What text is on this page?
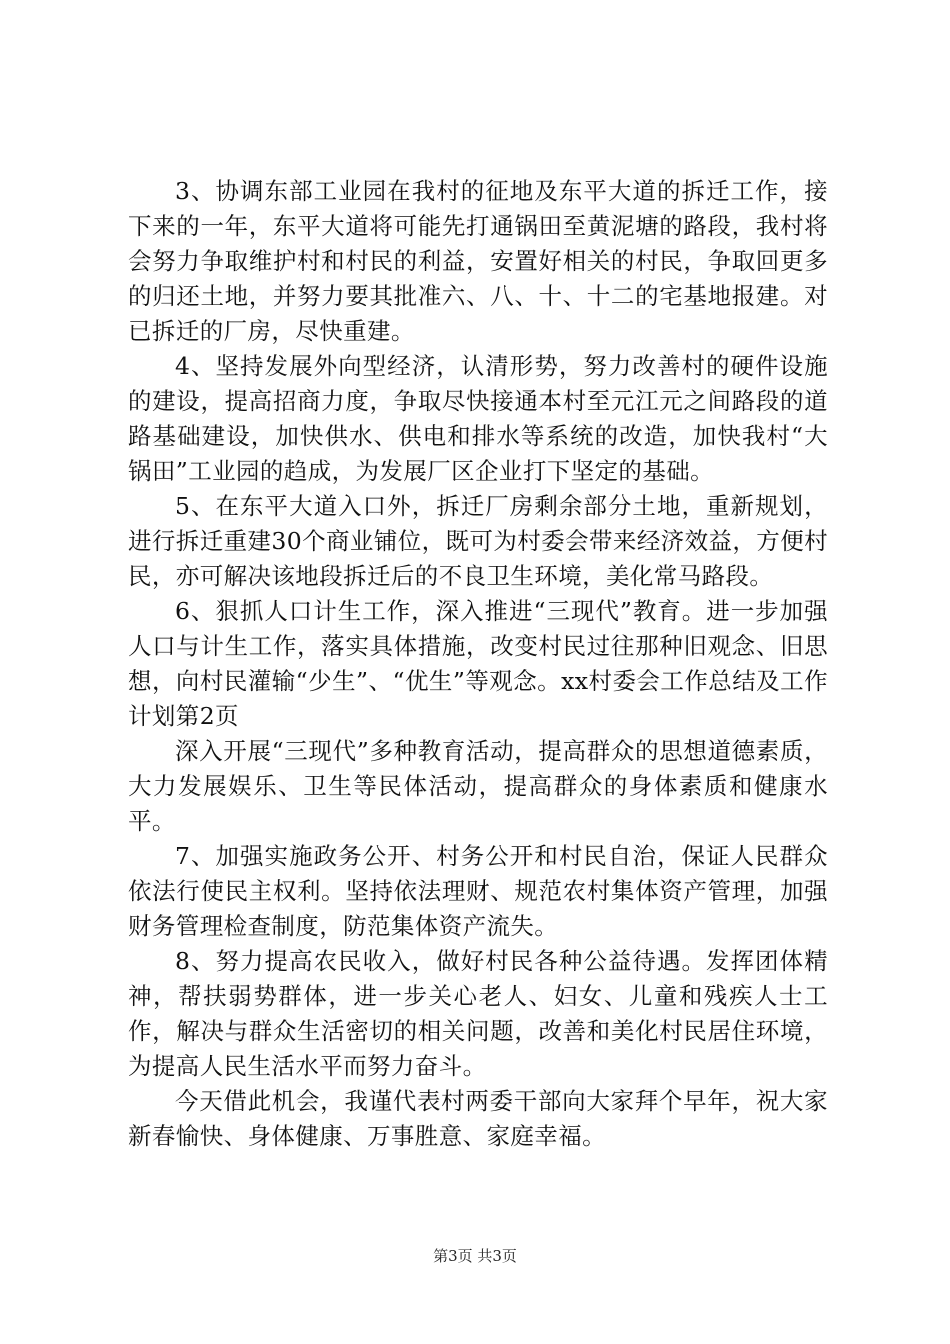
3、协调东部工业园在我村的征地及东平大道的拆迁工作，接下来的一年，东平大道将可能先打通锅田至黄泥塘的路段，我村将会努力争取维护村和村民的利益，安置好相关的村民，争取回更多的归还土地，并努力要其批准六、八、十、十二的宅基地报建。对已拆迁的厂房，尽快重建。

4、坚持发展外向型经济，认清形势，努力改善村的硬件设施的建设，提高招商力度，争取尽快接通本村至元江元之间路段的道路基础建设，加快供水、供电和排水等系统的改造，加快我村“大锅田”工业园的趋成，为发展厂区企业打下坚定的基础。

5、在东平大道入口外，拆迁厂房剩余部分土地，重新规划，进行拆迁重建30个商业铺位，既可为村委会带来经济效益，方便村民，亦可解决该地段拆迁后的不良卫生环境，美化常马路段。

6、狠抓人口计生工作，深入推进“三现代”教育。进一步加强人口与计生工作，落实具体措施，改变村民过往那种旧观念、旧思想，向村民灌输“少生”、“优生”等观念。xx村委会工作总结及工作计划第2页

深入开展“三现代”多种教育活动，提高群众的思想道德素质，大力发展娱乐、卫生等民体活动，提高群众的身体素质和健康水平。

7、加强实施政务公开、村务公开和村民自治，保证人民群众依法行使民主权利。坚持依法理财、规范农村集体资产管理，加强财务管理检查制度，防范集体资产流失。

8、努力提高农民收入，做好村民各种公益待遇。发挥团体精神，帮扶弱势群体，进一步关心老人、妇女、儿童和残疾人士工作，解决与群众生活密切的相关问题，改善和美化村民居住环境，为提高人民生活水平而努力奋斗。

今天借此机会，我谨代表村两委干部向大家拜个早年，祝大家新春愉快、身体健康、万事胜意、家庭幸福。

第3页 共3页
